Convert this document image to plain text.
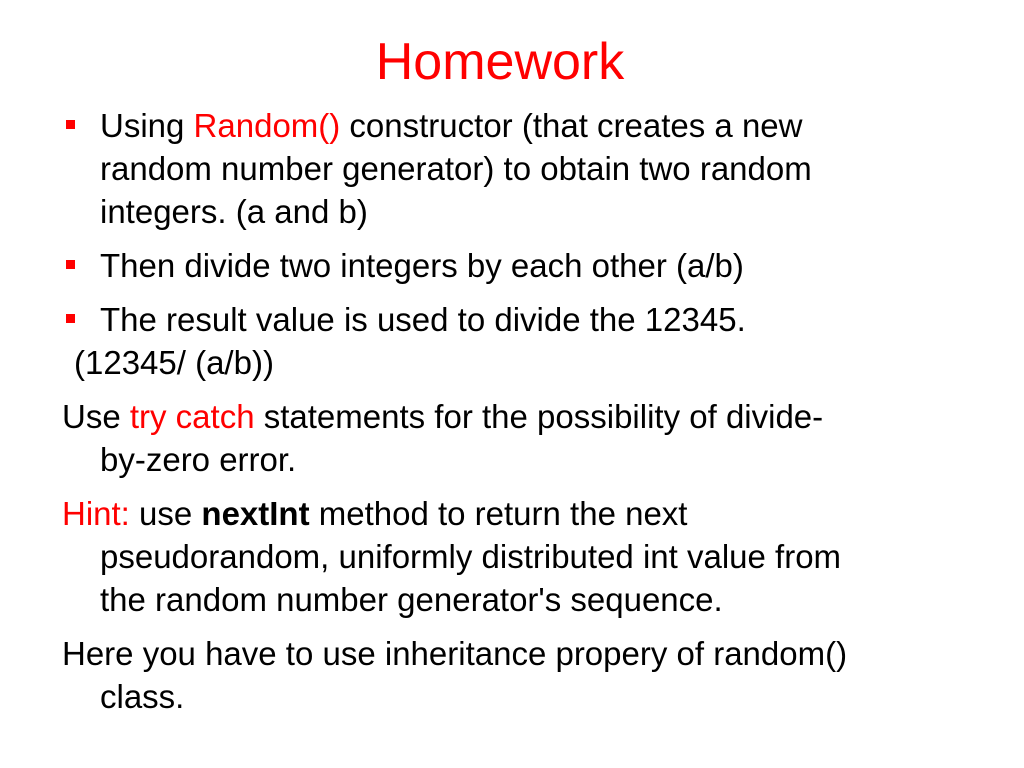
Homework
Using Random() constructor (that creates a new
random number generator) to obtain two random
integers. (a and b)
Then divide two integers by each other (a/b)
The result value is used to divide the 12345.
(12345/ (a/b))
Use try catch statements for the possibility of divide-
by-zero error.
Hint: use nextInt method to return the next
pseudorandom, uniformly distributed int value from
the random number generator's sequence.
Here you have to use inheritance propery of random()
class.
